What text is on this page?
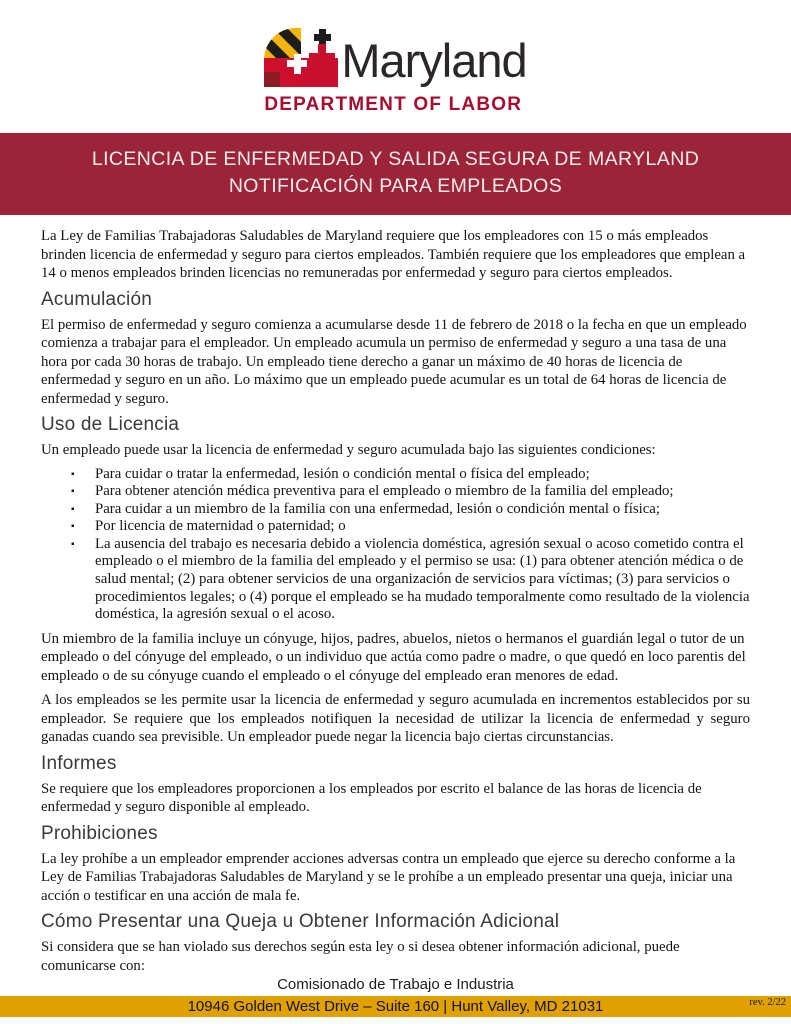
Maryland
DEPARTMENT OF LABOR
LICENCIA DE ENFERMEDAD Y SALIDA SEGURA DE MARYLAND
NOTIFICACIÓN PARA EMPLEADOS

La Ley de Familias Trabajadoras Saludables de Maryland requiere que los empleadores con 15 o más empleados brinden licencia de enfermedad y seguro para ciertos empleados. También requiere que los empleadores que emplean a 14 o menos empleados brinden licencias no remuneradas por enfermedad y seguro para ciertos empleados.

Acumulación

El permiso de enfermedad y seguro comienza a acumularse desde 11 de febrero de 2018 o la fecha en que un empleado comienza a trabajar para el empleador. Un empleado acumula un permiso de enfermedad y seguro a una tasa de una hora por cada 30 horas de trabajo. Un empleado tiene derecho a ganar un máximo de 40 horas de licencia de enfermedad y seguro en un año. Lo máximo que un empleado puede acumular es un total de 64 horas de licencia de enfermedad y seguro.

Uso de Licencia

Un empleado puede usar la licencia de enfermedad y seguro acumulada bajo las siguientes condiciones:

▪ Para cuidar o tratar la enfermedad, lesión o condición mental o física del empleado;
▪ Para obtener atención médica preventiva para el empleado o miembro de la familia del empleado;
▪ Para cuidar a un miembro de la familia con una enfermedad, lesión o condición mental o física;
▪ Por licencia de maternidad o paternidad; o
▪ La ausencia del trabajo es necesaria debido a violencia doméstica, agresión sexual o acoso cometido contra el empleado o el miembro de la familia del empleado y el permiso se usa: (1) para obtener atención médica o de salud mental; (2) para obtener servicios de una organización de servicios para víctimas; (3) para servicios o procedimientos legales; o (4) porque el empleado se ha mudado temporalmente como resultado de la violencia doméstica, la agresión sexual o el acoso.

Un miembro de la familia incluye un cónyuge, hijos, padres, abuelos, nietos o hermanos el guardián legal o tutor de un empleado o del cónyuge del empleado, o un individuo que actúa como padre o madre, o que quedó en loco parentis del empleado o de su cónyuge cuando el empleado o el cónyuge del empleado eran menores de edad.

A los empleados se les permite usar la licencia de enfermedad y seguro acumulada en incrementos establecidos por su empleador. Se requiere que los empleados notifiquen la necesidad de utilizar la licencia de enfermedad y seguro ganadas cuando sea previsible. Un empleador puede negar la licencia bajo ciertas circunstancias.

Informes

Se requiere que los empleadores proporcionen a los empleados por escrito el balance de las horas de licencia de enfermedad y seguro disponible al empleado.

Prohibiciones

La ley prohíbe a un empleador emprender acciones adversas contra un empleado que ejerce su derecho conforme a la Ley de Familias Trabajadoras Saludables de Maryland y se le prohíbe a un empleado presentar una queja, iniciar una acción o testificar en una acción de mala fe.

Cómo Presentar una Queja u Obtener Información Adicional

Si considera que se han violado sus derechos según esta ley o si desea obtener información adicional, puede comunicarse con:

Comisionado de Trabajo e Industria
10946 Golden West Drive – Suite 160 | Hunt Valley, MD 21031	rev. 2/22
